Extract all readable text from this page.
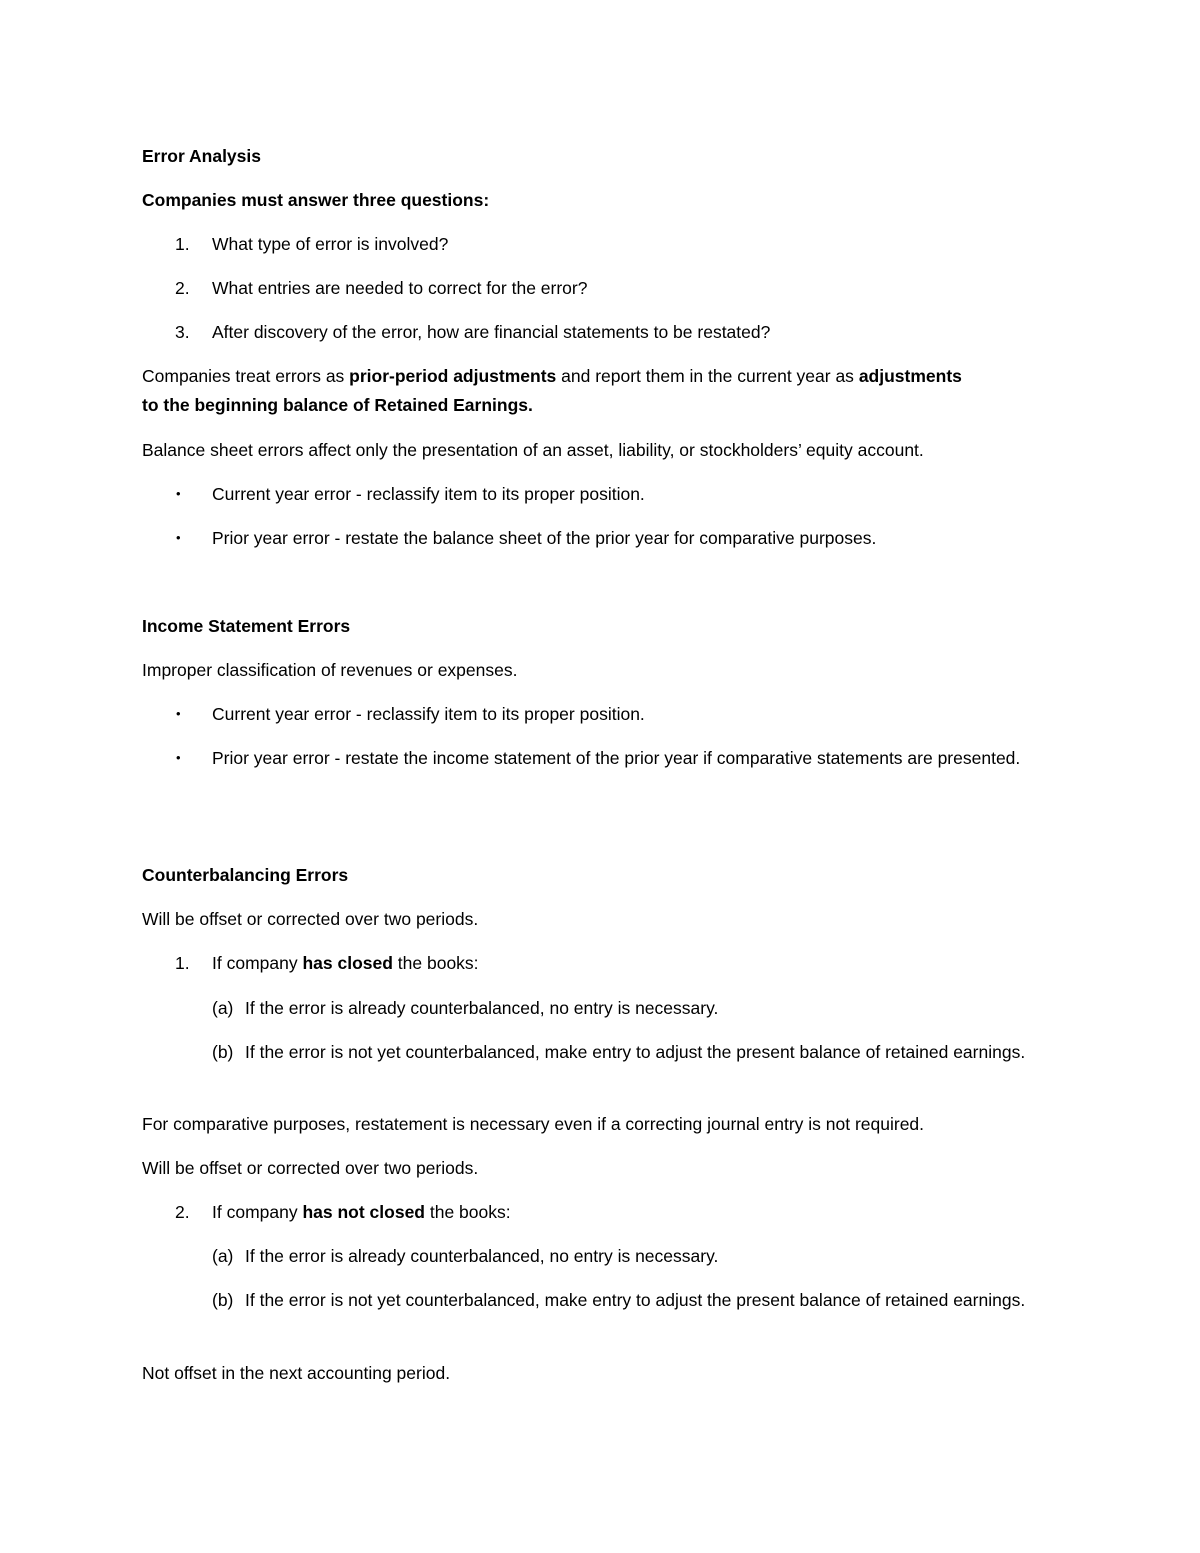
Error Analysis
Companies must answer three questions:
1.	What type of error is involved?
2.	What entries are needed to correct for the error?
3.	After discovery of the error, how are financial statements to be restated?
Companies treat errors as prior-period adjustments and report them in the current year as adjustments
to the beginning balance of Retained Earnings.
Balance sheet errors affect only the presentation of an asset, liability, or stockholders’ equity account.
• Current year error - reclassify item to its proper position.
• Prior year error - restate the balance sheet of the prior year for comparative purposes.
Income Statement Errors
Improper classification of revenues or expenses.
• Current year error - reclassify item to its proper position.
• Prior year error - restate the income statement of the prior year if comparative statements are presented.
Counterbalancing Errors
Will be offset or corrected over two periods.
1.	If company has closed the books:
(a) If the error is already counterbalanced, no entry is necessary.
(b) If the error is not yet counterbalanced, make entry to adjust the present balance of retained earnings.
For comparative purposes, restatement is necessary even if a correcting journal entry is not required.
Will be offset or corrected over two periods.
2.	If company has not closed the books:
(a) If the error is already counterbalanced, no entry is necessary.
(b) If the error is not yet counterbalanced, make entry to adjust the present balance of retained earnings.
Not offset in the next accounting period.
